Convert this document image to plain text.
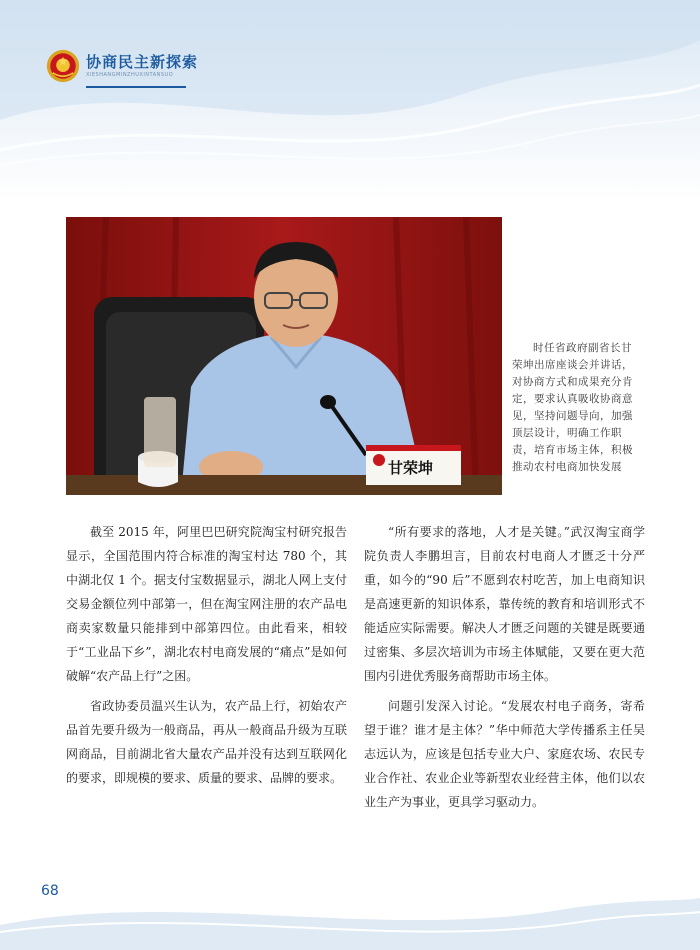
协商民主新探索
XIESHANGMINZHUXINTANSUO
甘荣坤
时任省政府副省长甘荣坤出席座谈会并讲话，对协商方式和成果充分肯定，要求认真吸收协商意见，坚持问题导向，加强顶层设计，明确工作职责，培育市场主体，积极推动农村电商加快发展

截至 2015 年，阿里巴巴研究院淘宝村研究报告显示，全国范围内符合标准的淘宝村达 780 个，其中湖北仅 1 个。据支付宝数据显示，湖北人网上支付交易金额位列中部第一，但在淘宝网注册的农产品电商卖家数量只能排到中部第四位。由此看来，相较于“工业品下乡”，湖北农村电商发展的“痛点”是如何破解“农产品上行”之困。

省政协委员温兴生认为，农产品上行，初始农产品首先要升级为一般商品，再从一般商品升级为互联网商品，目前湖北省大量农产品并没有达到互联网化的要求，即规模的要求、质量的要求、品牌的要求。

“所有要求的落地，人才是关键。”武汉淘宝商学院负责人李鹏坦言，目前农村电商人才匮乏十分严重，如今的“90 后”不愿到农村吃苦，加上电商知识是高速更新的知识体系，靠传统的教育和培训形式不能适应实际需要。解决人才匮乏问题的关键是既要通过密集、多层次培训为市场主体赋能，又要在更大范围内引进优秀服务商帮助市场主体。

问题引发深入讨论。“发展农村电子商务，寄希望于谁？谁才是主体？”华中师范大学传播系主任吴志远认为，应该是包括专业大户、家庭农场、农民专业合作社、农业企业等新型农业经营主体，他们以农业生产为事业，更具学习驱动力。

68
